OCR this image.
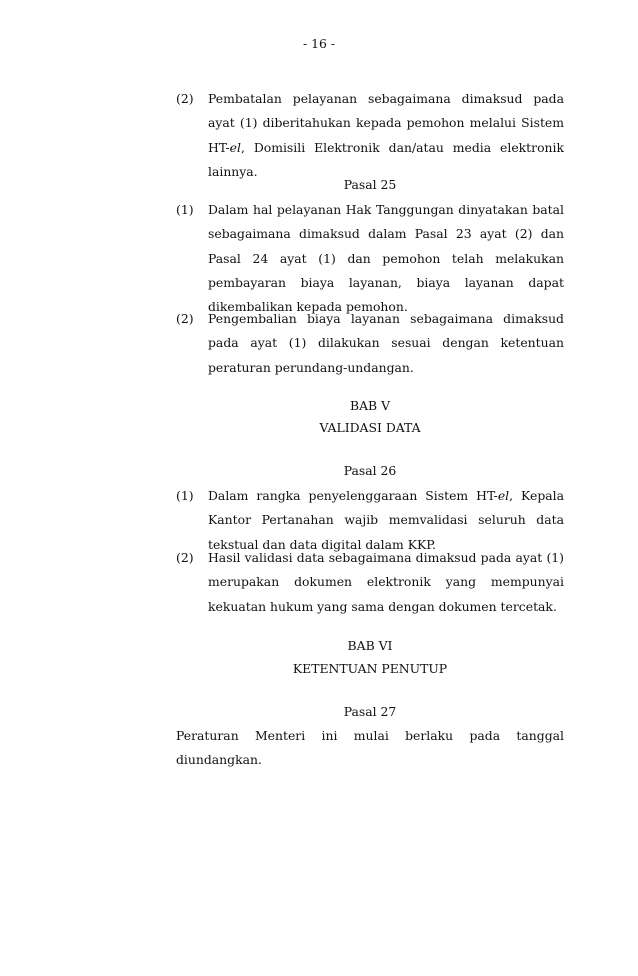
- 16 -
(2) Pembatalan pelayanan sebagaimana dimaksud pada ayat (1) diberitahukan kepada pemohon melalui Sistem HT-el, Domisili Elektronik dan/atau media elektronik lainnya.
Pasal 25
(1) Dalam hal pelayanan Hak Tanggungan dinyatakan batal sebagaimana dimaksud dalam Pasal 23 ayat (2) dan Pasal 24 ayat (1) dan pemohon telah melakukan pembayaran biaya layanan, biaya layanan dapat dikembalikan kepada pemohon.
(2) Pengembalian biaya layanan sebagaimana dimaksud pada ayat (1) dilakukan sesuai dengan ketentuan peraturan perundang-undangan.
BAB V
VALIDASI DATA
Pasal 26
(1) Dalam rangka penyelenggaraan Sistem HT-el, Kepala Kantor Pertanahan wajib memvalidasi seluruh data tekstual dan data digital dalam KKP.
(2) Hasil validasi data sebagaimana dimaksud pada ayat (1) merupakan dokumen elektronik yang mempunyai kekuatan hukum yang sama dengan dokumen tercetak.
BAB VI
KETENTUAN PENUTUP
Pasal 27
Peraturan Menteri ini mulai berlaku pada tanggal diundangkan.
